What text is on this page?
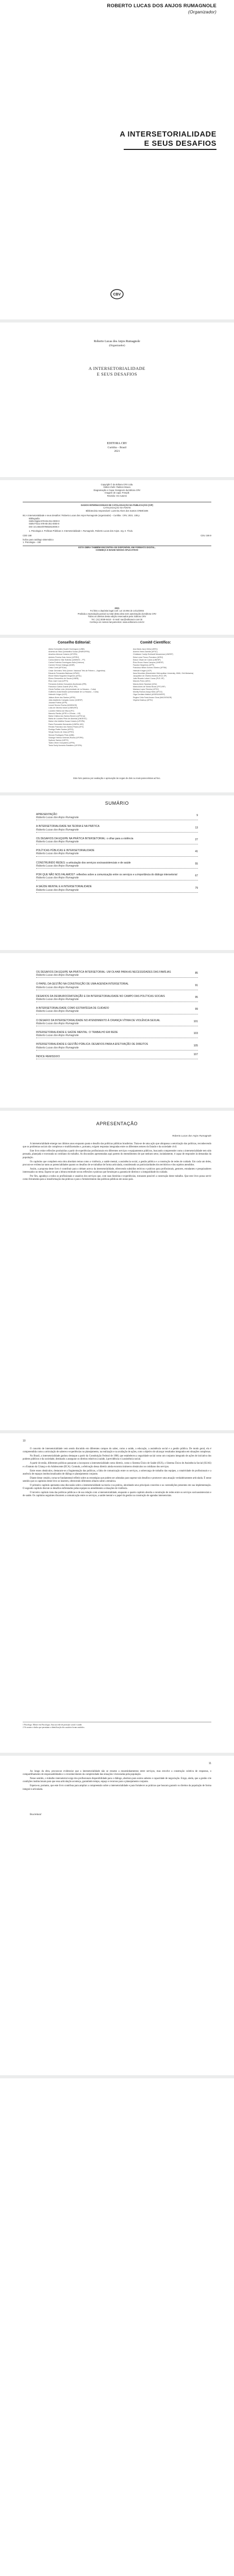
ROBERTO LUCAS DOS ANJOS RUMAGNOLE
(Organizador)
A INTERSETORIALIDADE
E SEUS DESAFIOS
CBV
Roberto Lucas dos Anjos Rumagnole
(Organizador)
A INTERSETORIALIDADE
E SEUS DESAFIOS
EDITORA CRV
Curitiba – Brasil
2021
Copyright © da Editora CRV Ltda.
Editor-chefe: Railson Moura
Diagramação e Capa: Designers da Editora CRV
Imagem de capa: Freepik
Revisão: Os Autores
DADOS INTERNACIONAIS DE CATALOGAÇÃO NA PUBLICAÇÃO (CIP)
CATALOGAÇÃO NA FONTE
Bibliotecária responsável: Luzenira Alves dos Santos CRB9/1506
I61 A intersetorialidade e seus desafios / Roberto Lucas dos Anjos Rumagnole (organizador) – Curitiba : CRV, 2021. 108 p.
Bibliografia
ISBN Digital 978-65-251-0000-0
ISBN Físico 978-65-251-0000-0
DOI 10.24824/978652510000.0
1. Psicologia 2. Políticas Públicas 3. Intersetorialidade I. Rumagnole, Roberto Lucas dos Anjos. org. II. Título.
CDD 158	CDU 159.9
Índice para catálogo sistemático
1. Psicologia – 150
ESTA OBRA TAMBÉM ENCONTRA-SE DISPONÍVEL EM FORMATO DIGITAL.
CONHEÇA E BAIXE NOSSO APLICATIVO!
2021
Foi feito o depósito legal conf. Lei 10.994 de 14/12/2004
Proibida a reprodução parcial ou total desta obra sem autorização da Editora CRV
Todos os direitos desta edição reservados pela: Editora CRV
Tel.: (41) 3039-6418 – E-mail: sac@editoracrv.com.br
Conheça os nossos lançamentos: www.editoracrv.com.br
Conselho Editorial:	Comitê Científico:
Aldira Guimarães Duarte Domínguez (UNB)
Andréia da Silva Quintanilha Sousa (UNIR/UFRN)
Anselmo Alencar Colares (UFOPA)
Antônio Pereira Gaio Júnior (UFRRJ)
Carlos Alberto Vilar Estêvão (UMINHO – PT)
Carlos Federico Dominguez Avila (Unieuro)
Carmen Tereza Velanga (UNIR)
Celso Conti (UFSCar)
Cesar Gerónimo Tello (Univer. Nacional Três de Febrero – Argentina)
Eduardo Fernandes Barbosa (UFMG)
Elione Maria Nogueira Diogenes (UFAL)
Elizeu Clementino de Souza (UNEB)
Élsio José Corá (UFFS)
Fernando Antônio Gonçalves Alcoforado (IPB)
Francisco Carlos Duarte (PUC-PR)
Gloria Fariñas León (Universidade de La Havana – Cuba)
Guillermo Arias Beatón (Universidade de La Havana – Cuba)
Helmuth Krüger (UCP)
Jailson Alves dos Santos (UFRJ)
João Adalberto Campato Junior (UNESP)
Josania Portela (UFPI)
Leonel Severo Rocha (UNISINOS)
Lídia de Oliveira Xavier (UNIEURO)
Lourdes Helena da Silva (UFV)
Marcelo Paixão (UFRJ e UTexas – US)
Maria Cristina dos Santos Bezerra (UFSCar)
Maria de Lourdes Pinto de Almeida (UNOESC)
Maria Lília Imbiriba Sousa Colares (UFOPA)
Paulo Romualdo Hernandes (UNIFAL-MG)
Renato Francisco dos Santos Paula (UFG)
Rodrigo Pratte-Santos (UFES)
Sérgio Nunes de Jesus (IFRO)
Simone Rodrigues Pinto (UNB)
Solange Helena Ximenes-Rocha (UFOPA)
Sydione Santos (UEPG)
Tadeu Oliver Gonçalves (UFPA)
Tania Suely Azevedo Brasileiro (UFOPA)
Ana Maria Jacó-Vilela (UERJ)
Andrea Vieira Zanella (UFSC)
Christiane Carrijo Eckhardt Mouammar (UNESP)
Edna Lúcia Tinoco Ponciano (UERJ)
Edson Olivari de Castro (UNESP)
Érico Bruno Viana Campos (UNESP)
Fauston Negreiros (UFPI)
Francisco Nilton Gomes Oliveira (UFSM)
Helmuth Krüger (UCP)
Ilana Mountian (Manchester Metropolitan University, MMU, Grã-Bretanha)
Jacqueline de Oliveira Moreira (PUC-SP)
João Ricardo Lebert Cozac (PUC-SP)
Marcelo Porto (UEG)
Marcia Alves Tassinari (USU)
Maria Alves de Toledo Bruns (FFCLRP)
Mariana Lopez Teixeira (UFSC)
Monilly Ramos Araujo Melo (UFCG)
Olga Ceciliato Mattioli (ASSIS/UNESP)
Regina Célia Faria Amaro Giora (MACKENZIE)
Virgínia Kastrup (UFRJ)
Este livro passou por avaliação e aprovação às cegas de dois ou mais pareceristas ad hoc.
SUMÁRIO
APRESENTAÇÃO
Roberto Lucas dos Anjos Rumagnole
9
A INTERSETORIALIDADE NA TEORIA E NA PRÁTICA
Roberto Lucas dos Anjos Rumagnole
13
OS DESAFIOS DA EQUIPE NA PRÁTICA INTERSETORIAL: o olhar para a violência
Roberto Lucas dos Anjos Rumagnole
27
POLÍTICAS PÚBLICAS E INTERSETORIALIDADE
Roberto Lucas dos Anjos Rumagnole
41
CONSTRUINDO REDES: a articulação dos serviços socioassistenciais e de saúde
Roberto Lucas dos Anjos Rumagnole
55
POR QUE NÃO NOS FALAMOS?: reflexões sobre a comunicação entre os serviços e a importância do diálogo intersetorial
Roberto Lucas dos Anjos Rumagnole
67
A SAÚDE MENTAL E A INTERSETORIALIDADE
Roberto Lucas dos Anjos Rumagnole
79
OS DESAFIOS DA EQUIPE NA PRÁTICA INTERSETORIAL: UM OLHAR PARA AS NECESSIDADES DAS FAMÍLIAS
Roberto Lucas dos Anjos Rumagnole
85
O PAPEL DA GESTÃO NA CONSTRUÇÃO DE UMA AGENDA INTERSETORIAL
Roberto Lucas dos Anjos Rumagnole
91
DESAFIOS DA DESBUROCRATIZAÇÃO E DA INTERSETORIALIDADE NO CAMPO DAS POLÍTICAS SOCIAIS
Roberto Lucas dos Anjos Rumagnole
95
A INTERSETORIALIDADE COMO ESTRATÉGIA DE CUIDADO
Roberto Lucas dos Anjos Rumagnole
99
O DESAFIO DA INTERSETORIALIDADE NO ATENDIMENTO À CRIANÇA VÍTIMA DE VIOLÊNCIA SEXUAL
Roberto Lucas dos Anjos Rumagnole
101
INTERSETORIALIDADE E SAÚDE MENTAL: O TRABALHO EM REDE
Roberto Lucas dos Anjos Rumagnole
103
INTERSETORIALIDADE E GESTÃO PÚBLICA: DESAFIOS PARA A EFETIVAÇÃO DE DIREITOS
Roberto Lucas dos Anjos Rumagnole
105
ÍNDICE REMISSIVO
107
APRESENTAÇÃO
Roberto Lucas dos Anjos Rumagnole

A intersetorialidade emerge nos últimos anos enquanto pauta e desafio das políticas públicas brasileiras. Trata-se de uma ação que ultrapassa a setorização das políticas, reconhecendo que os problemas sociais são complexos e multifacetados e, portanto, exigem respostas integradas entre os diferentes setores do Estado e da sociedade civil.

Este livro reúne reflexões produzidas a partir de experiências profissionais em diferentes serviços e equipamentos públicos, buscando compreender como a intersetorialidade tem sido pensada, planejada e executada no cotidiano do trabalho. As discussões apresentadas aqui partem do entendimento de que nenhum setor, isoladamente, é capaz de responder às demandas da população.

Os capítulos que compõem esta obra abordam temas como a violência, a saúde mental, a assistência social, a gestão pública e a construção de redes de cuidado. Em cada um deles, procura-se evidenciar tanto as potencialidades quanto os desafios de se trabalhar de forma articulada, considerando as particularidades dos territórios e dos sujeitos atendidos.

Assim, a proposta deste livro é contribuir para o debate acerca da intersetorialidade, oferecendo subsídios teóricos e práticos para profissionais, gestores, estudantes e pesquisadores interessados no tema. Espera-se que a leitura estimule novas reflexões e práticas que fortaleçam a garantia de direitos e a integralidade do cuidado.

Por fim, agradeço a todos os profissionais e usuários dos serviços que, com suas histórias e experiências, tornaram possível a construção deste trabalho. Que este livro possa servir como ferramenta para a transformação das práticas e para o fortalecimento das políticas públicas em nosso país.

10

O conceito de intersetorialidade vem sendo discutido em diferentes campos do saber, como a saúde, a educação, a assistência social e a gestão pública. De modo geral, ela é compreendida como a articulação de saberes e experiências no planejamento, na realização e na avaliação de ações, com o objetivo de alcançar resultados integrados em situações complexas.

No Brasil, a intersetorialidade ganhou destaque a partir da Constituição Federal de 1988, que estabeleceu a seguridade social como um conjunto integrado de ações de iniciativa dos poderes públicos e da sociedade, destinado a assegurar os direitos relativos à saúde, à previdência e à assistência social.

A partir de então, diferentes políticas passaram a incorporar a intersetorialidade como diretriz, como o Sistema Único de Saúde (SUS), o Sistema Único de Assistência Social (SUAS) e o Estatuto da Criança e do Adolescente (ECA). Contudo, a efetivação dessa diretriz ainda encontra inúmeros obstáculos no cotidiano dos serviços.

Entre esses obstáculos, destacam-se a fragmentação das políticas, a falta de comunicação entre os serviços, a sobrecarga de trabalho das equipes, a rotatividade de profissionais e a ausência de espaços institucionalizados de diálogo e planejamento conjunto.

Diante desse cenário, torna-se fundamental refletir sobre as estratégias que podem ser adotadas para superar tais desafios e promover uma atuação verdadeiramente articulada. É nesse sentido que os capítulos deste livro se inserem, oferecendo diferentes olhares sobre a temática.

O primeiro capítulo apresenta uma discussão sobre a intersetorialidade na teoria e na prática, abordando seus principais conceitos e as contradições presentes em sua implementação. O segundo capítulo discute os desafios enfrentados pelas equipes no atendimento a situações de violência.

O terceiro capítulo trata das políticas públicas e de sua relação com a intersetorialidade, enquanto o quarto capítulo aborda a construção de redes entre os serviços socioassistenciais e de saúde. Os capítulos seguintes discutem a comunicação entre os serviços, a saúde mental e o papel da gestão na construção de agendas intersetoriais.

1 Psicólogo. Mestre em Psicologia. Atua na rede de proteção social e saúde.
2 Os nomes e dados que permitam a identificação dos usuários foram omitidos.
11

Ao longo da obra, procura-se evidenciar que a intersetorialidade não se resume a encaminhamentos entre serviços, mas envolve a construção coletiva de respostas, o compartilhamento de responsabilidades e o reconhecimento da complexidade das situações vivenciadas pela população.

Nesse sentido, o trabalho intersetorial exige dos profissionais disponibilidade para o diálogo, abertura para outros saberes e capacidade de negociação. Exige, ainda, que a gestão crie condições institucionais para que essa articulação aconteça, garantindo tempo, espaço e recursos para o planejamento conjunto.

Espera-se, portanto, que este livro contribua para ampliar a compreensão sobre a intersetorialidade e para fortalecer as práticas que buscam garantir os direitos da população de forma integral e articulada.

Boa leitura!
